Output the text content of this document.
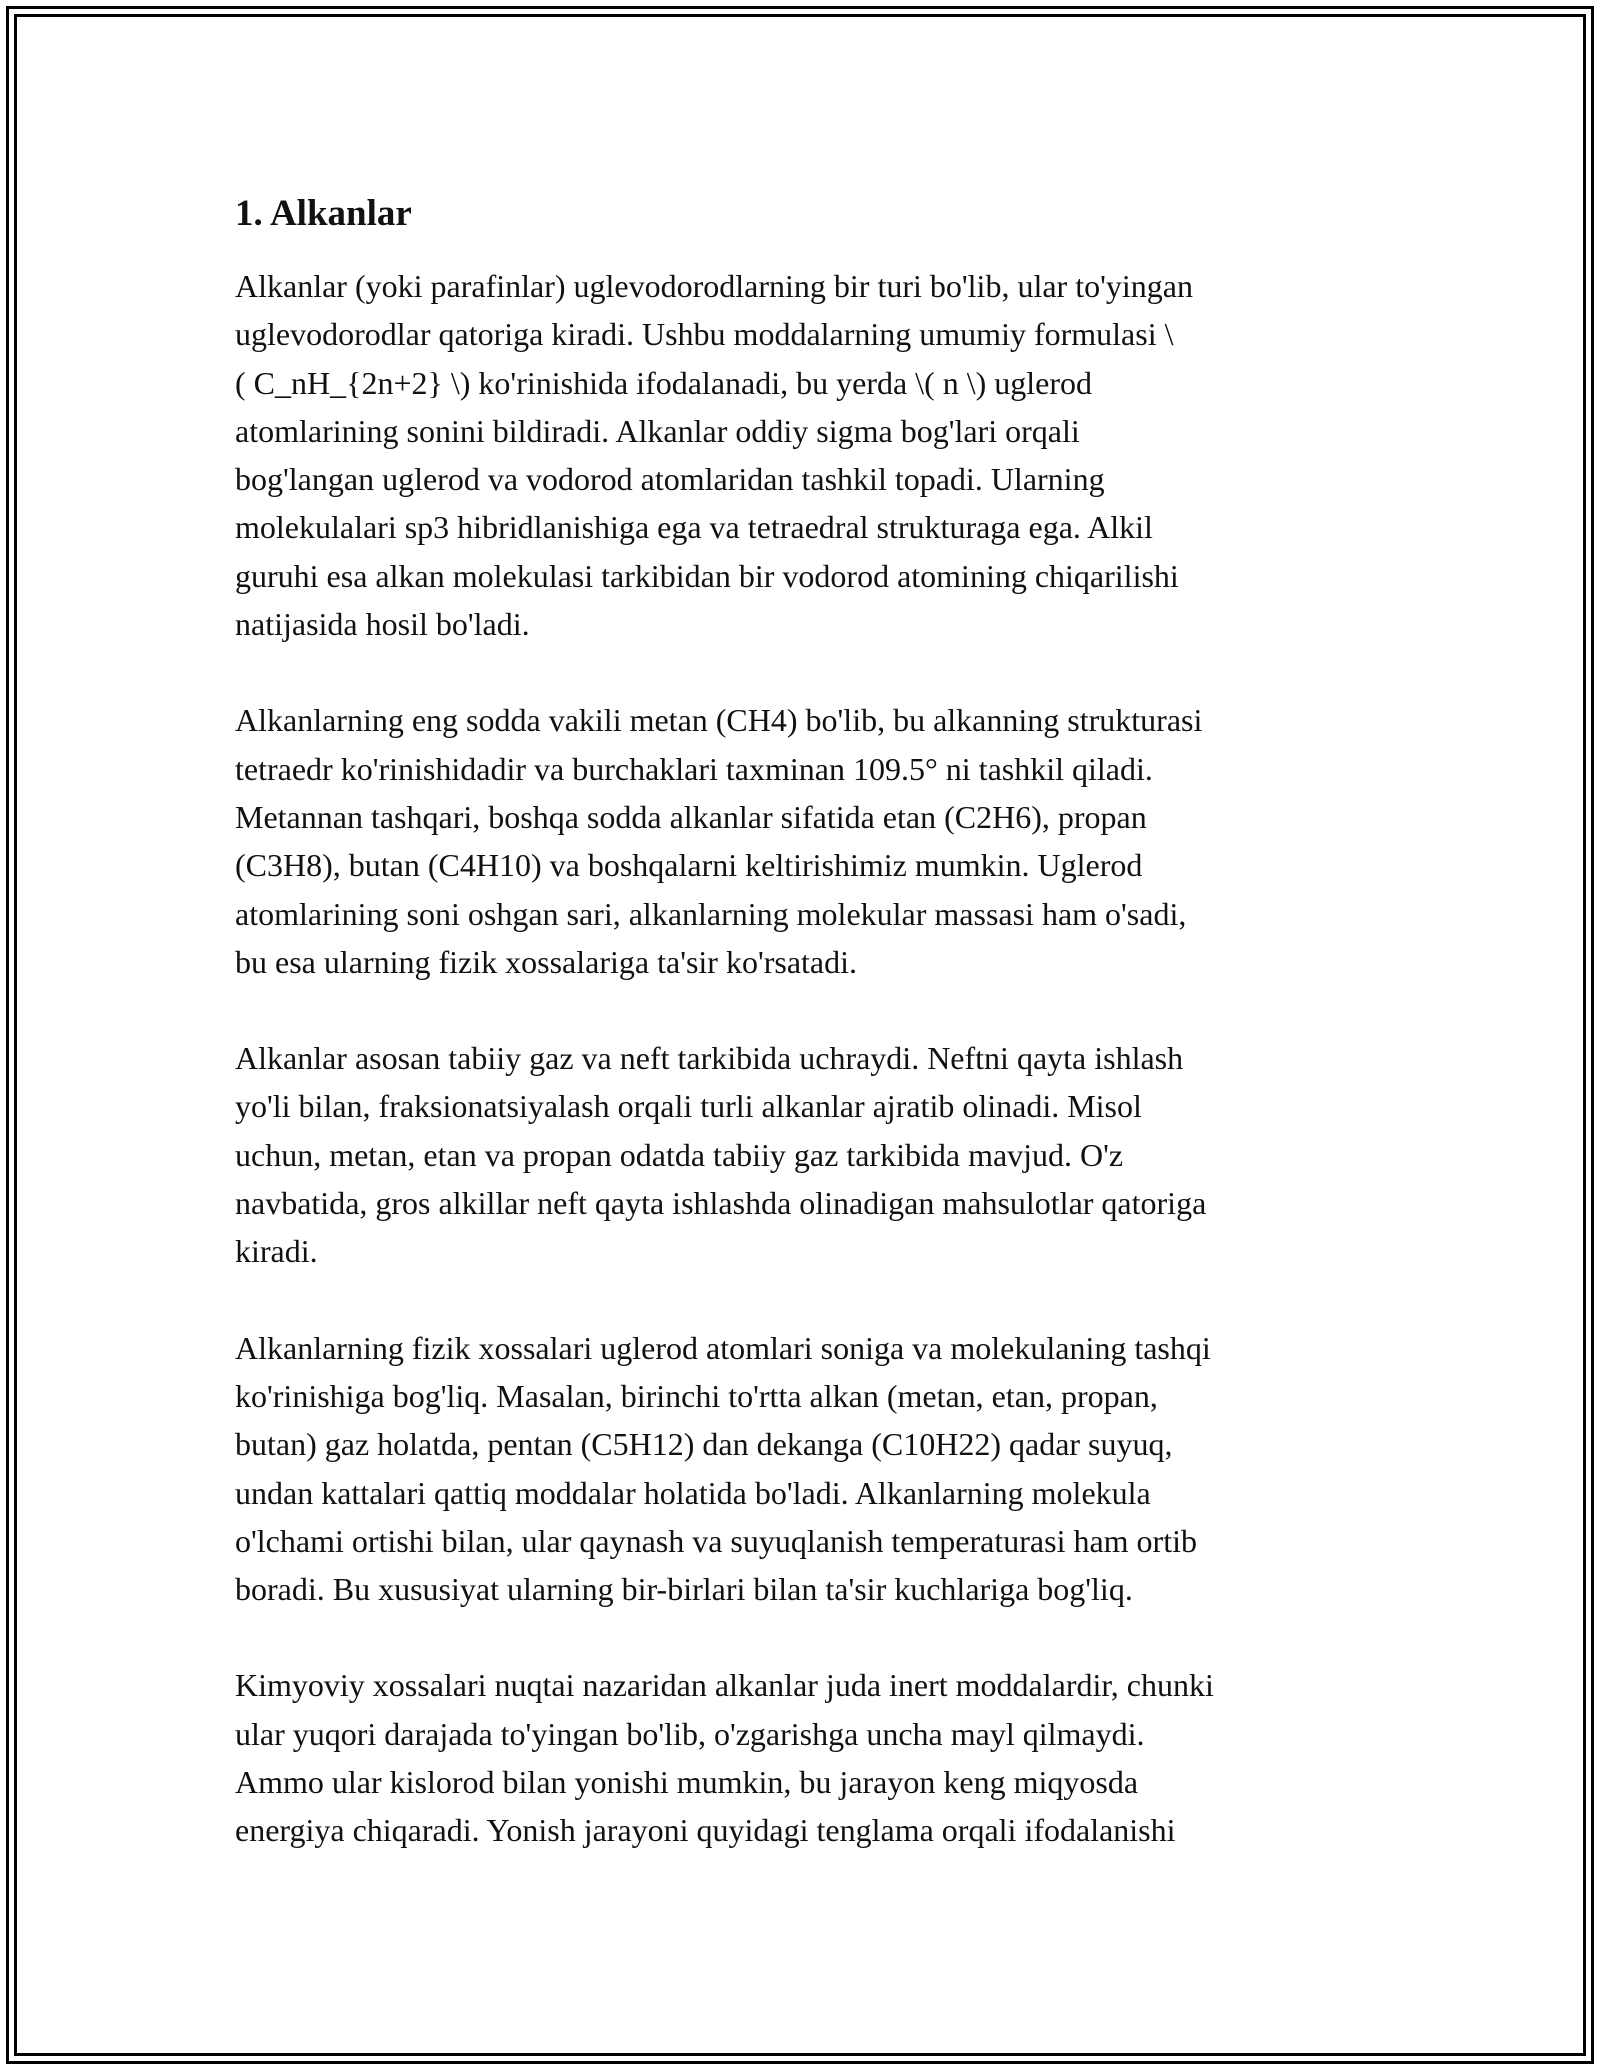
1. Alkanlar
Alkanlar (yoki parafinlar) uglevodorodlarning bir turi bo'lib, ular to'yingan
uglevodorodlar qatoriga kiradi. Ushbu moddalarning umumiy formulasi \
( C_nH_{2n+2} \) ko'rinishida ifodalanadi, bu yerda \( n \) uglerod
atomlarining sonini bildiradi. Alkanlar oddiy sigma bog'lari orqali
bog'langan uglerod va vodorod atomlaridan tashkil topadi. Ularning
molekulalari sp3 hibridlanishiga ega va tetraedral strukturaga ega. Alkil
guruhi esa alkan molekulasi tarkibidan bir vodorod atomining chiqarilishi
natijasida hosil bo'ladi.
Alkanlarning eng sodda vakili metan (CH4) bo'lib, bu alkanning strukturasi
tetraedr ko'rinishidadir va burchaklari taxminan 109.5° ni tashkil qiladi.
Metannan tashqari, boshqa sodda alkanlar sifatida etan (C2H6), propan
(C3H8), butan (C4H10) va boshqalarni keltirishimiz mumkin. Uglerod
atomlarining soni oshgan sari, alkanlarning molekular massasi ham o'sadi,
bu esa ularning fizik xossalariga ta'sir ko'rsatadi.
Alkanlar asosan tabiiy gaz va neft tarkibida uchraydi. Neftni qayta ishlash
yo'li bilan, fraksionatsiyalash orqali turli alkanlar ajratib olinadi. Misol
uchun, metan, etan va propan odatda tabiiy gaz tarkibida mavjud. O'z
navbatida, gros alkillar neft qayta ishlashda olinadigan mahsulotlar qatoriga
kiradi.
Alkanlarning fizik xossalari uglerod atomlari soniga va molekulaning tashqi
ko'rinishiga bog'liq. Masalan, birinchi to'rtta alkan (metan, etan, propan,
butan) gaz holatda, pentan (C5H12) dan dekanga (C10H22) qadar suyuq,
undan kattalari qattiq moddalar holatida bo'ladi. Alkanlarning molekula
o'lchami ortishi bilan, ular qaynash va suyuqlanish temperaturasi ham ortib
boradi. Bu xususiyat ularning bir-birlari bilan ta'sir kuchlariga bog'liq.
Kimyoviy xossalari nuqtai nazaridan alkanlar juda inert moddalardir, chunki
ular yuqori darajada to'yingan bo'lib, o'zgarishga uncha mayl qilmaydi.
Ammo ular kislorod bilan yonishi mumkin, bu jarayon keng miqyosda
energiya chiqaradi. Yonish jarayoni quyidagi tenglama orqali ifodalanishi
